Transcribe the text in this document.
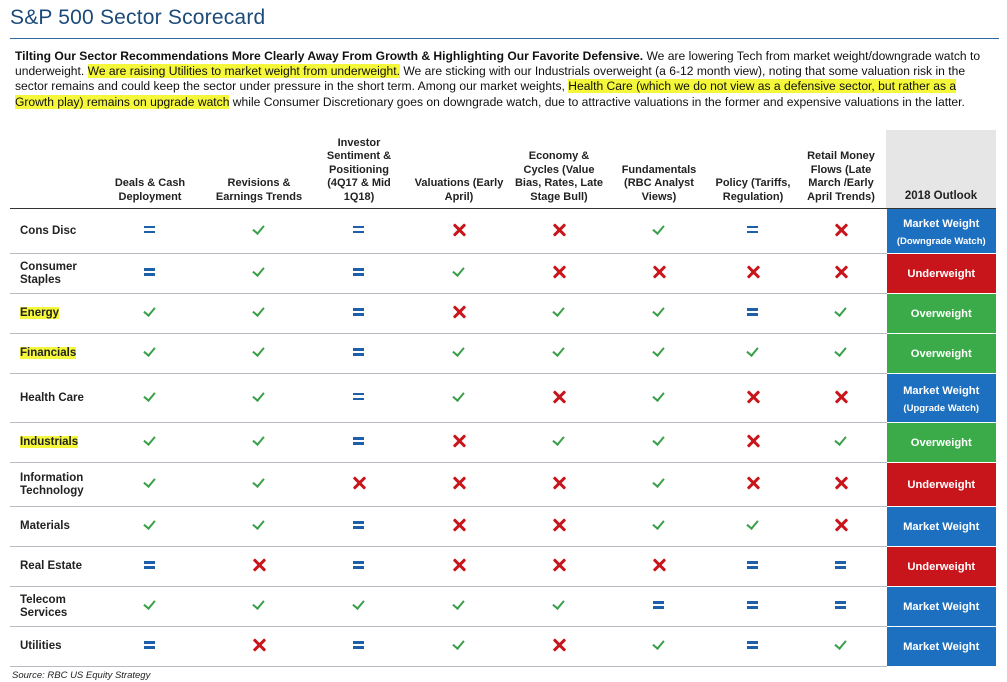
S&P 500 Sector Scorecard
Tilting Our Sector Recommendations More Clearly Away From Growth & Highlighting Our Favorite Defensive. We are lowering Tech from market weight/downgrade watch to underweight. We are raising Utilities to market weight from underweight. We are sticking with our Industrials overweight (a 6-12 month view), noting that some valuation risk in the sector remains and could keep the sector under pressure in the short term. Among our market weights, Health Care (which we do not view as a defensive sector, but rather as a Growth play) remains on upgrade watch while Consumer Discretionary goes on downgrade watch, due to attractive valuations in the former and expensive valuations in the latter.
	Deals & Cash Deployment	Revisions & Earnings Trends	Investor Sentiment & Positioning (4Q17 & Mid 1Q18)	Valuations (Early April)	Economy & Cycles (Value Bias, Rates, Late Stage Bull)	Fundamentals (RBC Analyst Views)	Policy (Tariffs, Regulation)	Retail Money Flows (Late March /Early April Trends)	2018 Outlook
Cons Disc									Market Weight
(Downgrade Watch)

Consumer Staples									Underweight
Energy									Overweight
Financials									Overweight
Health Care									Market Weight
(Upgrade Watch)

Industrials									Overweight
Information Technology									Underweight
Materials									Market Weight
Real Estate									Underweight
Telecom Services									Market Weight
Utilities									Market Weight
Source: RBC US Equity Strategy
